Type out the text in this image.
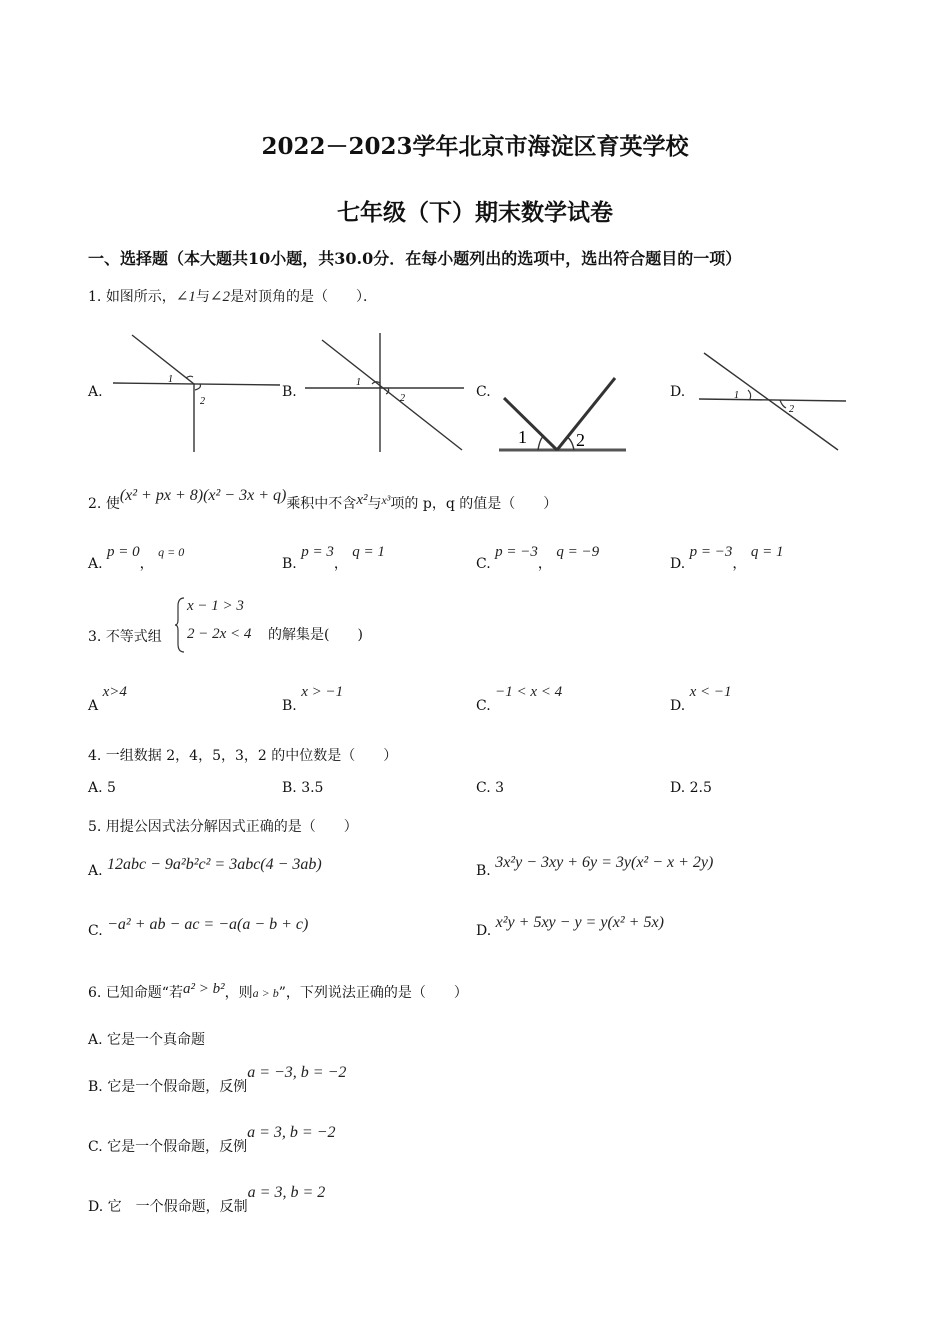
2022－2023学年北京市海淀区育英学校
七年级（下）期末数学试卷
一、选择题（本大题共10小题，共30.0分．在每小题列出的选项中，选出符合题目的一项）
1. 如图所示，∠1与∠2是对顶角的是（　　）．
A.	B.	C.	D.
1
2
1
2
1	2
1
2
2. 使(x² + px + 8)(x² − 3x + q)乘积中不含x²与x³项的 p，q 的值是（　　）
A. p = 0， q = 0
B. p = 3， q = 1
C. p = −3， q = −9
D. p = −3， q = 1
3. 不等式组
x − 1 > 3
2 − 2x < 4 的解集是(　　)
A x>4
B. x > −1
C. −1 < x < 4
D. x < −1
4. 一组数据 2，4，5，3，2 的中位数是（　　）
A. 5	B. 3.5	C. 3	D. 2.5
5. 用提公因式法分解因式正确的是（　　）
A. 12abc − 9a²b²c² = 3abc(4 − 3ab)	B. 3x²y − 3xy + 6y = 3y(x² − x + 2y)
C. −a² + ab − ac = −a(a − b + c)	D. x²y + 5xy − y = y(x² + 5x)
6. 已知命题“若a² > b²，则a > b”，下列说法正确的是（　　）
A. 它是一个真命题
B. 它是一个假命题，反例a = −3, b = −2
C. 它是一个假命题，反例a = 3, b = −2
D. 它　一个假命题，反制a = 3, b = 2
